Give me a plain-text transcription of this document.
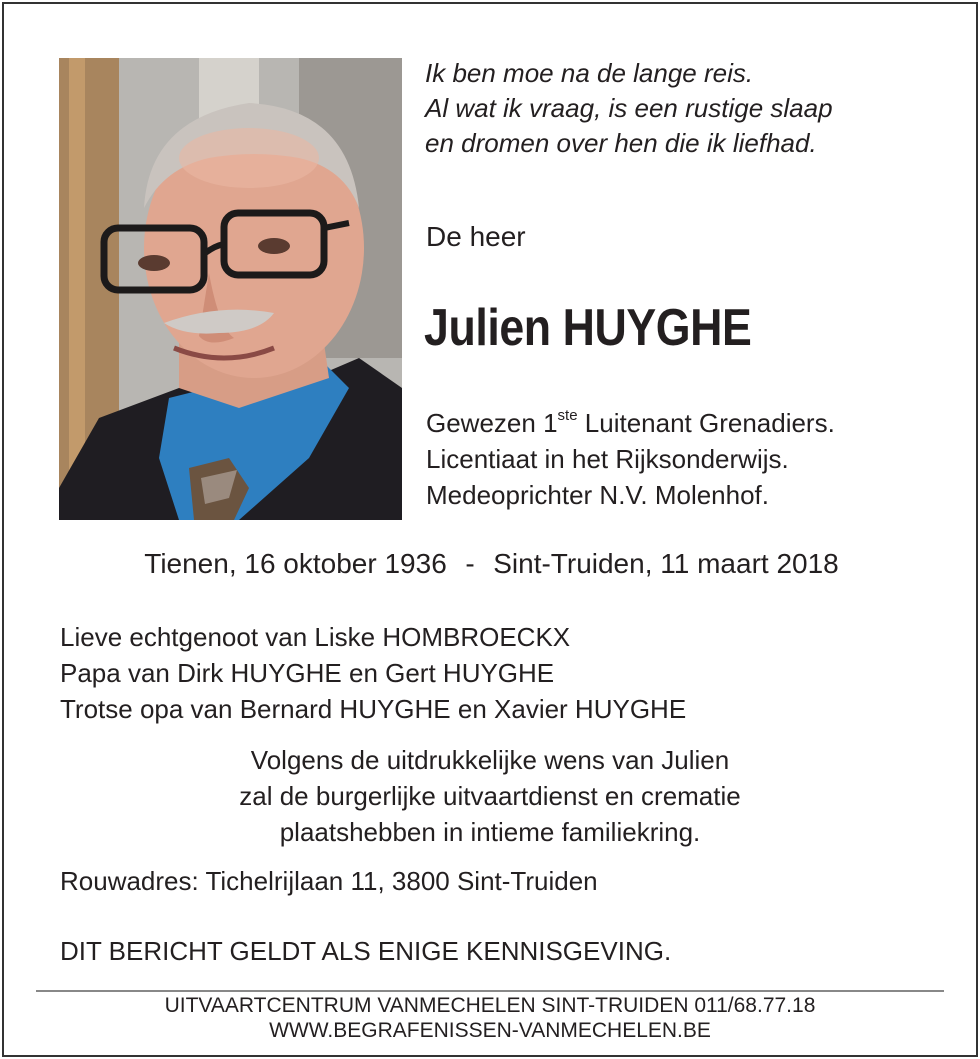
Ik ben moe na de lange reis.
Al wat ik vraag, is een rustige slaap
en dromen over hen die ik liefhad.
De heer
Julien HUYGHE
Gewezen 1ste Luitenant Grenadiers.
Licentiaat in het Rijksonderwijs.
Medeoprichter N.V. Molenhof.
Tienen, 16 oktober 1936 - Sint-Truiden, 11 maart 2018
Lieve echtgenoot van Liske HOMBROECKX
Papa van Dirk HUYGHE en Gert HUYGHE
Trotse opa van Bernard HUYGHE en Xavier HUYGHE
Volgens de uitdrukkelijke wens van Julien
zal de burgerlijke uitvaartdienst en crematie
plaatshebben in intieme familiekring.
Rouwadres: Tichelrijlaan 11, 3800 Sint-Truiden
DIT BERICHT GELDT ALS ENIGE KENNISGEVING.
UITVAARTCENTRUM VANMECHELEN SINT-TRUIDEN 011/68.77.18
WWW.BEGRAFENISSEN-VANMECHELEN.BE
